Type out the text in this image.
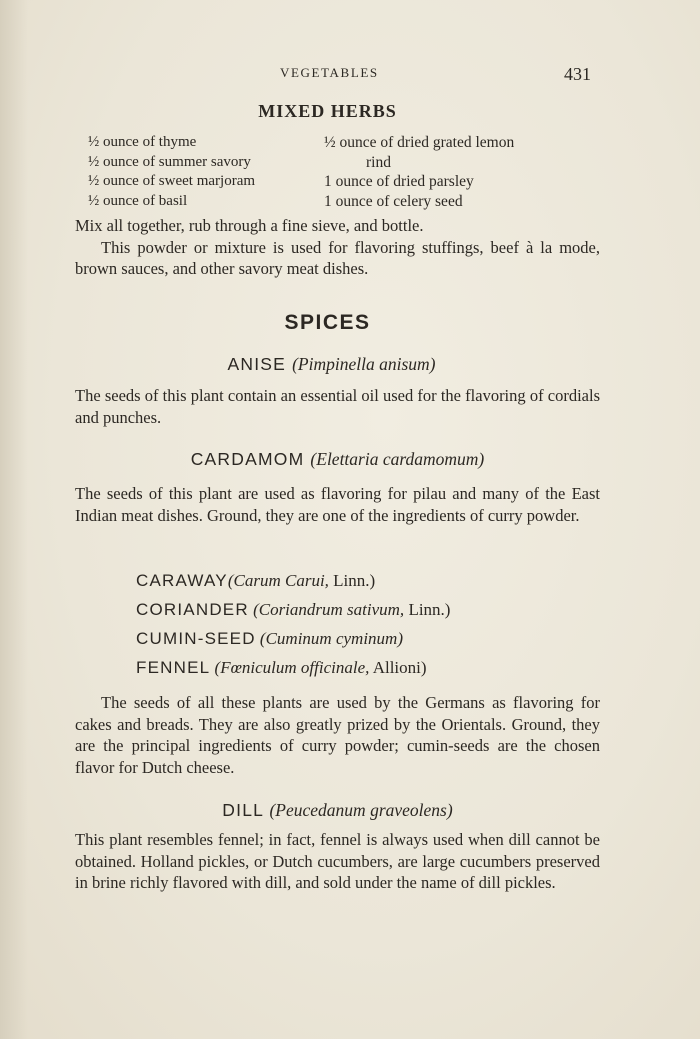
VEGETABLES	431
MIXED HERBS
½ ounce of thyme
½ ounce of summer savory
½ ounce of sweet marjoram
½ ounce of basil
½ ounce of dried grated lemon
rind
1 ounce of dried parsley
1 ounce of celery seed
Mix all together, rub through a fine sieve, and bottle.
This powder or mixture is used for flavoring stuffings, beef à la mode, brown sauces, and other savory meat dishes.
SPICES
ANISE (Pimpinella anisum)
The seeds of this plant contain an essential oil used for the flavoring of cordials and punches.
CARDAMOM (Elettaria cardamomum)
The seeds of this plant are used as flavoring for pilau and many of the East Indian meat dishes. Ground, they are one of the ingredients of curry powder.
CARAWAY(Carum Carui, Linn.)
CORIANDER (Coriandrum sativum, Linn.)
CUMIN-SEED (Cuminum cyminum)
FENNEL (Fœniculum officinale, Allioni)
The seeds of all these plants are used by the Germans as flavoring for cakes and breads. They are also greatly prized by the Orientals. Ground, they are the principal ingredients of curry powder; cumin-seeds are the chosen flavor for Dutch cheese.
DILL (Peucedanum graveolens)
This plant resembles fennel; in fact, fennel is always used when dill cannot be obtained. Holland pickles, or Dutch cucumbers, are large cucumbers preserved in brine richly flavored with dill, and sold under the name of dill pickles.
